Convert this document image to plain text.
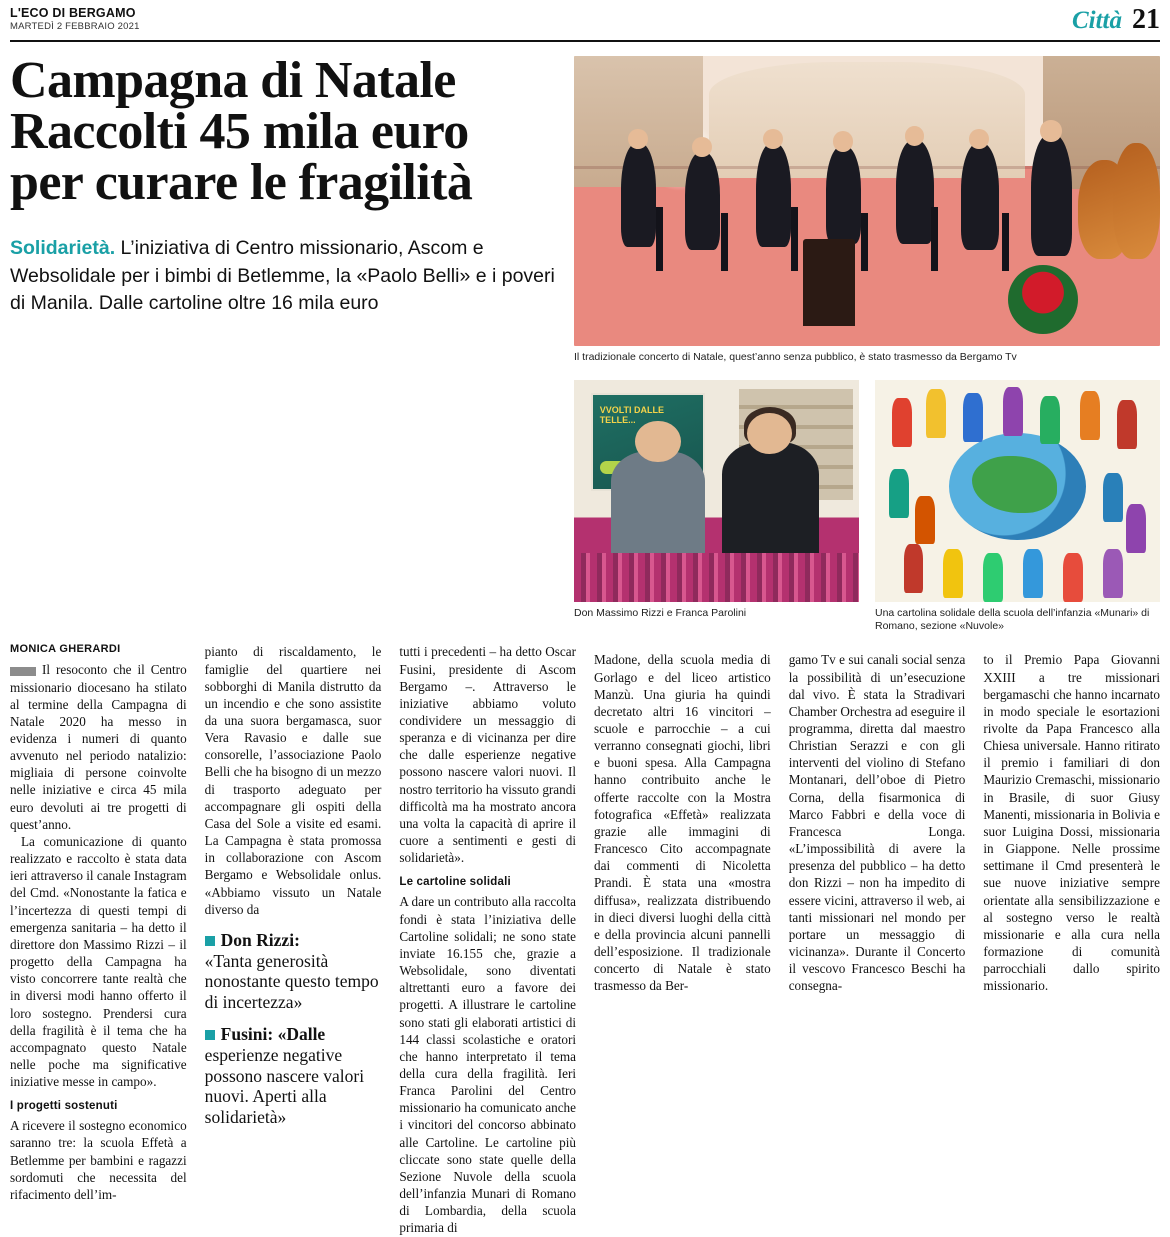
L'ECO DI BERGAMO
MARTEDÌ 2 FEBBRAIO 2021	Città 21
Campagna di Natale
Raccolti 45 mila euro
per curare le fragilità
Solidarietà. L’iniziativa di Centro missionario, Ascom e Websolidale per i bimbi di Betlemme, la «Paolo Belli» e i poveri di Manila. Dalle cartoline oltre 16 mila euro
Il tradizionale concerto di Natale, quest’anno senza pubblico, è stato trasmesso da Bergamo Tv
VVOLTI DALLE
TELLE...
Don Massimo Rizzi e Franca Parolini	Una cartolina solidale della scuola dell’infanzia «Munari» di Romano, sezione «Nuvole»
MONICA GHERARDI

Il resoconto che il Centro missionario diocesano ha stilato al termine della Campagna di Natale 2020 ha messo in evidenza i numeri di quanto avvenuto nel periodo natalizio: migliaia di persone coinvolte nelle iniziative e circa 45 mila euro devoluti ai tre progetti di quest’anno.

La comunicazione di quanto realizzato e raccolto è stata data ieri attraverso il canale Instagram del Cmd. «Nonostante la fatica e l’incertezza di questi tempi di emergenza sanitaria – ha detto il direttore don Massimo Rizzi – il progetto della Campagna ha visto concorrere tante realtà che in diversi modi hanno offerto il loro sostegno. Prendersi cura della fragilità è il tema che ha accompagnato questo Natale nelle poche ma significative iniziative messe in campo».

I progetti sostenuti

A ricevere il sostegno economico saranno tre: la scuola Effetà a Betlemme per bambini e ragazzi sordomuti che necessita del rifacimento dell’im-

pianto di riscaldamento, le famiglie del quartiere nei sobborghi di Manila distrutto da un incendio e che sono assistite da una suora bergamasca, suor Vera Ravasio e dalle sue consorelle, l’associazione Paolo Belli che ha bisogno di un mezzo di trasporto adeguato per accompagnare gli ospiti della Casa del Sole a visite ed esami. La Campagna è stata promossa in collaborazione con Ascom Bergamo e Websolidale onlus. «Abbiamo vissuto un Natale diverso da

Don Rizzi:
«Tanta generosità nonostante questo tempo di incertezza»
Fusini: «Dalle
esperienze negative possono nascere valori nuovi. Aperti alla solidarietà»

tutti i precedenti – ha detto Oscar Fusini, presidente di Ascom Bergamo –. Attraverso le iniziative abbiamo voluto condividere un messaggio di speranza e di vicinanza per dire che dalle esperienze negative possono nascere valori nuovi. Il nostro territorio ha vissuto grandi difficoltà ma ha mostrato ancora una volta la capacità di aprire il cuore a sentimenti e gesti di solidarietà».

Le cartoline solidali

A dare un contributo alla raccolta fondi è stata l’iniziativa delle Cartoline solidali; ne sono state inviate 16.155 che, grazie a Websolidale, sono diventati altrettanti euro a favore dei progetti. A illustrare le cartoline sono stati gli elaborati artistici di 144 classi scolastiche e oratori che hanno interpretato il tema della cura della fragilità. Ieri Franca Parolini del Centro missionario ha comunicato anche i vincitori del concorso abbinato alle Cartoline. Le cartoline più cliccate sono state quelle della Sezione Nuvole della scuola dell’infanzia Munari di Romano di Lombardia, della scuola primaria di

Madone, della scuola media di Gorlago e del liceo artistico Manzù. Una giuria ha quindi decretato altri 16 vincitori – scuole e parrocchie – a cui verranno consegnati giochi, libri e buoni spesa. Alla Campagna hanno contribuito anche le offerte raccolte con la Mostra fotografica «Effetà» realizzata grazie alle immagini di Francesco Cito accompagnate dai commenti di Nicoletta Prandi. È stata una «mostra diffusa», realizzata distribuendo in dieci diversi luoghi della città e della provincia alcuni pannelli dell’esposizione. Il tradizionale concerto di Natale è stato trasmesso da Ber-

gamo Tv e sui canali social senza la possibilità di un’esecuzione dal vivo. È stata la Stradivari Chamber Orchestra ad eseguire il programma, diretta dal maestro Christian Serazzi e con gli interventi del violino di Stefano Montanari, dell’oboe di Pietro Corna, della fisarmonica di Marco Fabbri e della voce di Francesca Longa. «L’impossibilità di avere la presenza del pubblico – ha detto don Rizzi – non ha impedito di essere vicini, attraverso il web, ai tanti missionari nel mondo per portare un messaggio di vicinanza». Durante il Concerto il vescovo Francesco Beschi ha consegna-

to il Premio Papa Giovanni XXIII a tre missionari bergamaschi che hanno incarnato in modo speciale le esortazioni rivolte da Papa Francesco alla Chiesa universale. Hanno ritirato il premio i familiari di don Maurizio Cremaschi, missionario in Brasile, di suor Giusy Manenti, missionaria in Bolivia e suor Luigina Dossi, missionaria in Giappone. Nelle prossime settimane il Cmd presenterà le sue nuove iniziative sempre orientate alla sensibilizzazione e al sostegno verso le realtà missionarie e alla cura nella formazione di comunità parrocchiali dallo spirito missionario.
